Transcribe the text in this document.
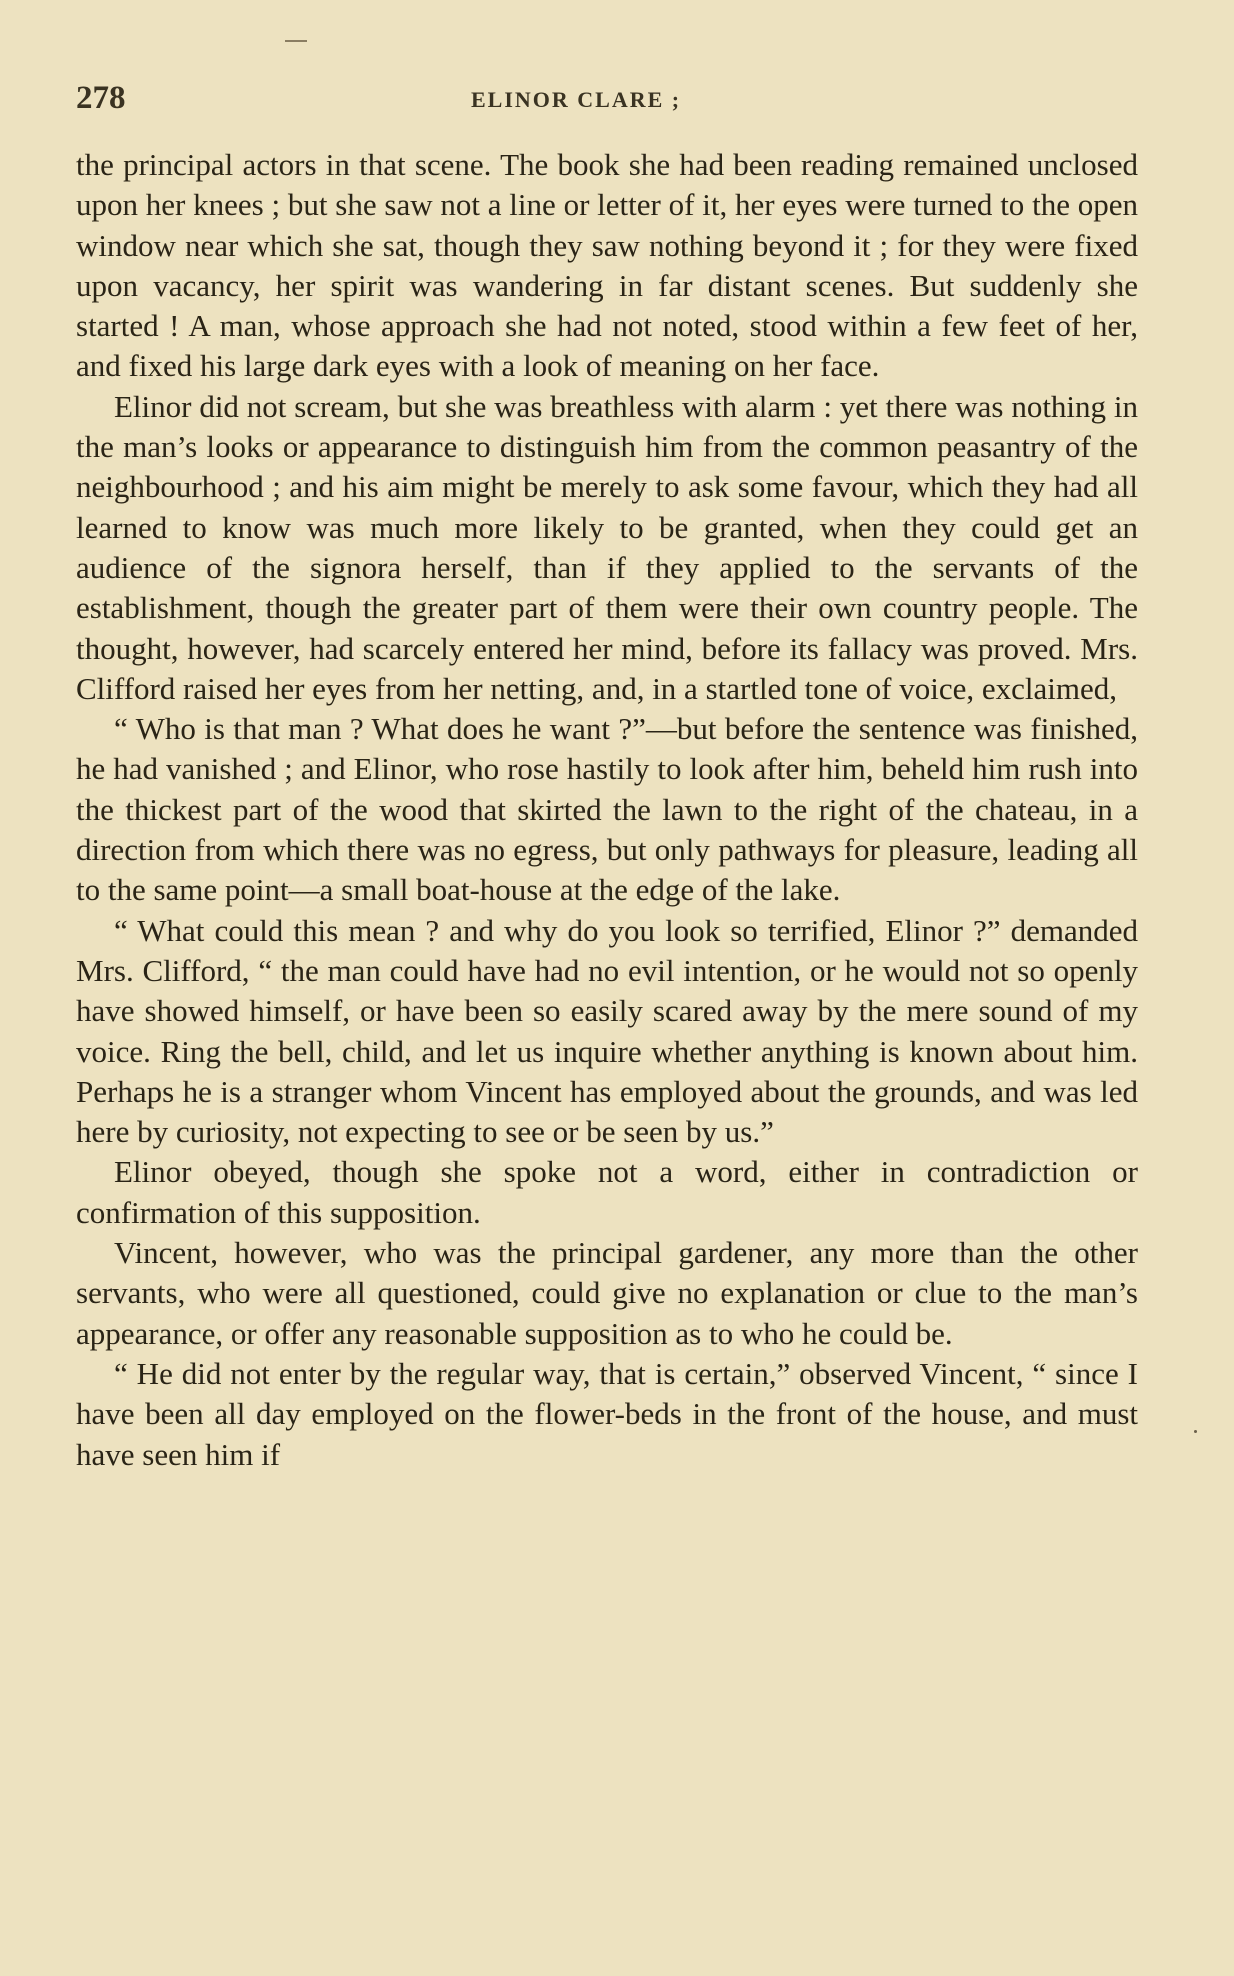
278	ELINOR CLARE ;

the principal actors in that scene. The book she had been reading remained unclosed upon her knees ; but she saw not a line or letter of it, her eyes were turned to the open window near which she sat, though they saw nothing beyond it ; for they were fixed upon vacancy, her spirit was wandering in far distant scenes. But suddenly she started ! A man, whose approach she had not noted, stood within a few feet of her, and fixed his large dark eyes with a look of meaning on her face.

Elinor did not scream, but she was breathless with alarm : yet there was nothing in the man’s looks or appearance to distinguish him from the common peasantry of the neighbourhood ; and his aim might be merely to ask some favour, which they had all learned to know was much more likely to be granted, when they could get an audience of the signora herself, than if they applied to the servants of the establishment, though the greater part of them were their own country people. The thought, however, had scarcely entered her mind, before its fallacy was proved. Mrs. Clifford raised her eyes from her netting, and, in a startled tone of voice, exclaimed,

“ Who is that man ? What does he want ?”—but before the sentence was finished, he had vanished ; and Elinor, who rose hastily to look after him, beheld him rush into the thickest part of the wood that skirted the lawn to the right of the chateau, in a direction from which there was no egress, but only pathways for pleasure, leading all to the same point—a small boat-house at the edge of the lake.

“ What could this mean ? and why do you look so terrified, Elinor ?” demanded Mrs. Clifford, “ the man could have had no evil intention, or he would not so openly have showed himself, or have been so easily scared away by the mere sound of my voice. Ring the bell, child, and let us inquire whether anything is known about him. Perhaps he is a stranger whom Vincent has employed about the grounds, and was led here by curiosity, not expecting to see or be seen by us.”

Elinor obeyed, though she spoke not a word, either in contradiction or confirmation of this supposition.

Vincent, however, who was the principal gardener, any more than the other servants, who were all questioned, could give no explanation or clue to the man’s appearance, or offer any reasonable supposition as to who he could be.

“ He did not enter by the regular way, that is certain,” observed Vincent, “ since I have been all day employed on the flower-beds in the front of the house, and must have seen him if
